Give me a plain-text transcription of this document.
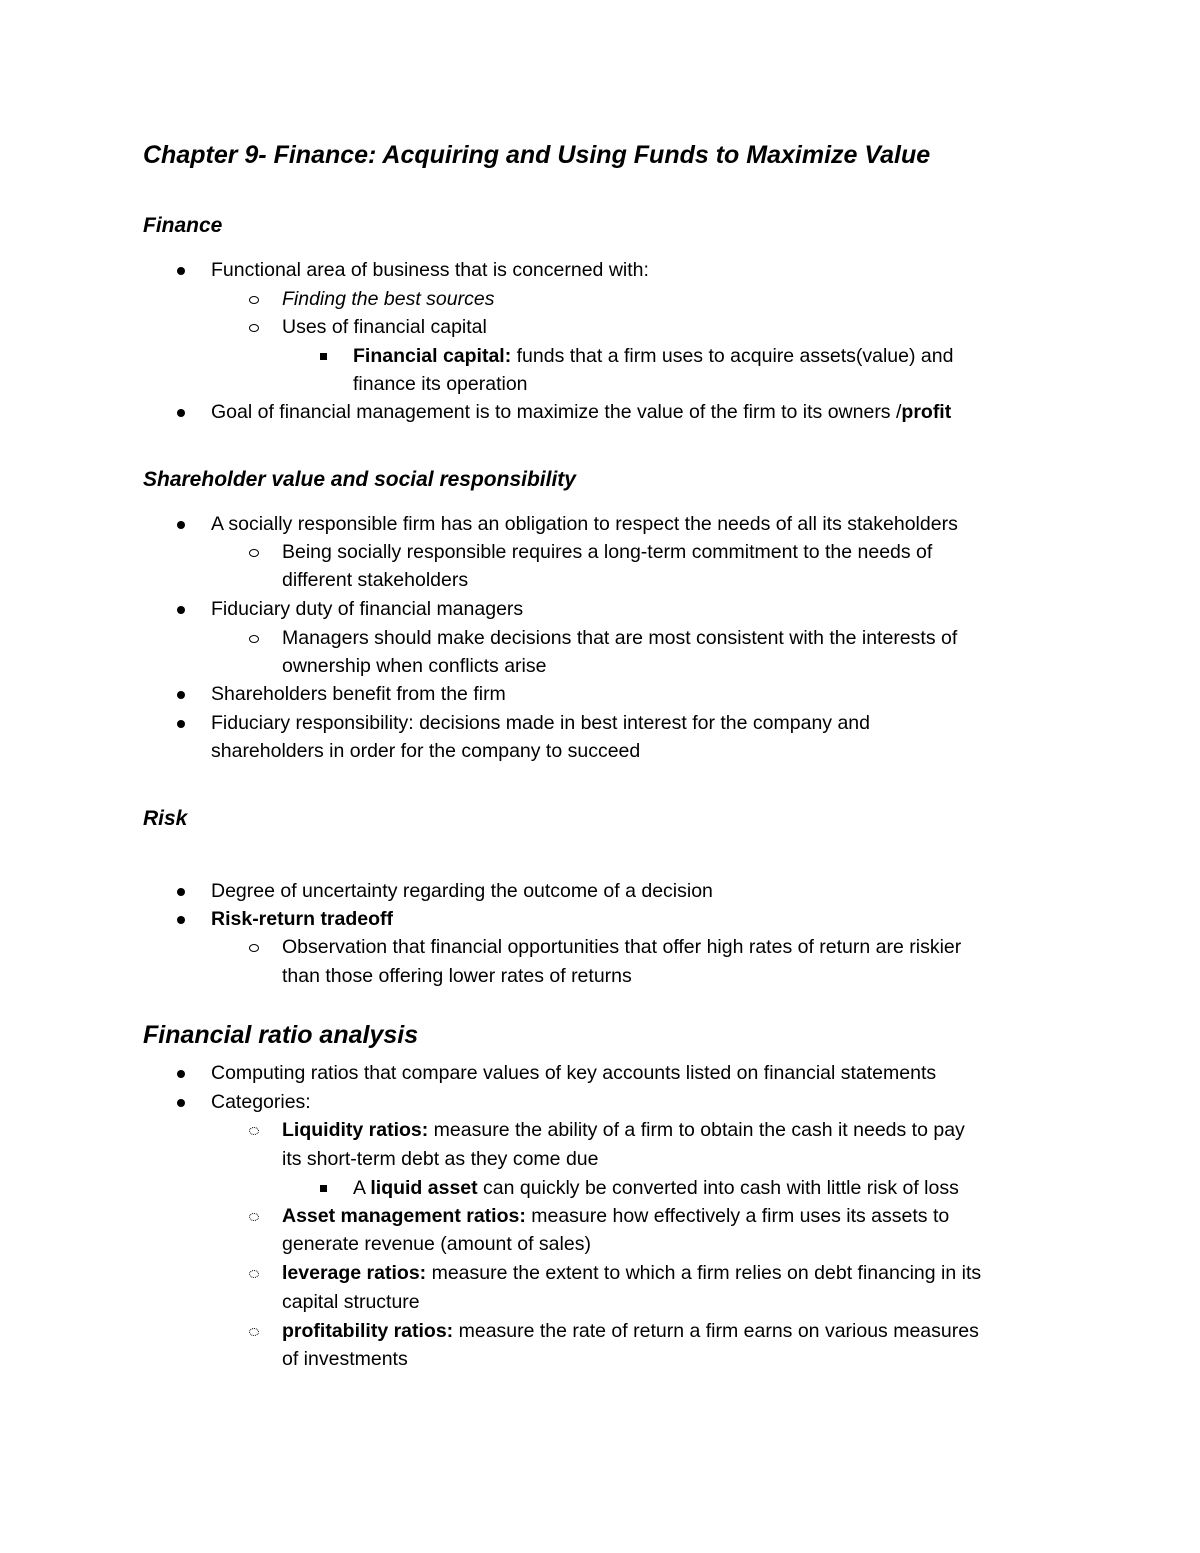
Chapter 9- Finance: Acquiring and Using Funds to Maximize Value
Finance
Functional area of business that is concerned with:
Finding the best sources
Uses of financial capital
Financial capital: funds that a firm uses to acquire assets(value) and
finance its operation
Goal of financial management is to maximize the value of the firm to its owners /profit
Shareholder value and social responsibility
A socially responsible firm has an obligation to respect the needs of all its stakeholders
Being socially responsible requires a long-term commitment to the needs of
different stakeholders
Fiduciary duty of financial managers
Managers should make decisions that are most consistent with the interests of
ownership when conflicts arise
Shareholders benefit from the firm
Fiduciary responsibility: decisions made in best interest for the company and
shareholders in order for the company to succeed
Risk
Degree of uncertainty regarding the outcome of a decision
Risk-return tradeoff
Observation that financial opportunities that offer high rates of return are riskier
than those offering lower rates of returns
Financial ratio analysis
Computing ratios that compare values of key accounts listed on financial statements
Categories:
Liquidity ratios: measure the ability of a firm to obtain the cash it needs to pay
its short-term debt as they come due
A liquid asset can quickly be converted into cash with little risk of loss
Asset management ratios: measure how effectively a firm uses its assets to
generate revenue (amount of sales)
leverage ratios: measure the extent to which a firm relies on debt financing in its
capital structure
profitability ratios: measure the rate of return a firm earns on various measures
of investments
